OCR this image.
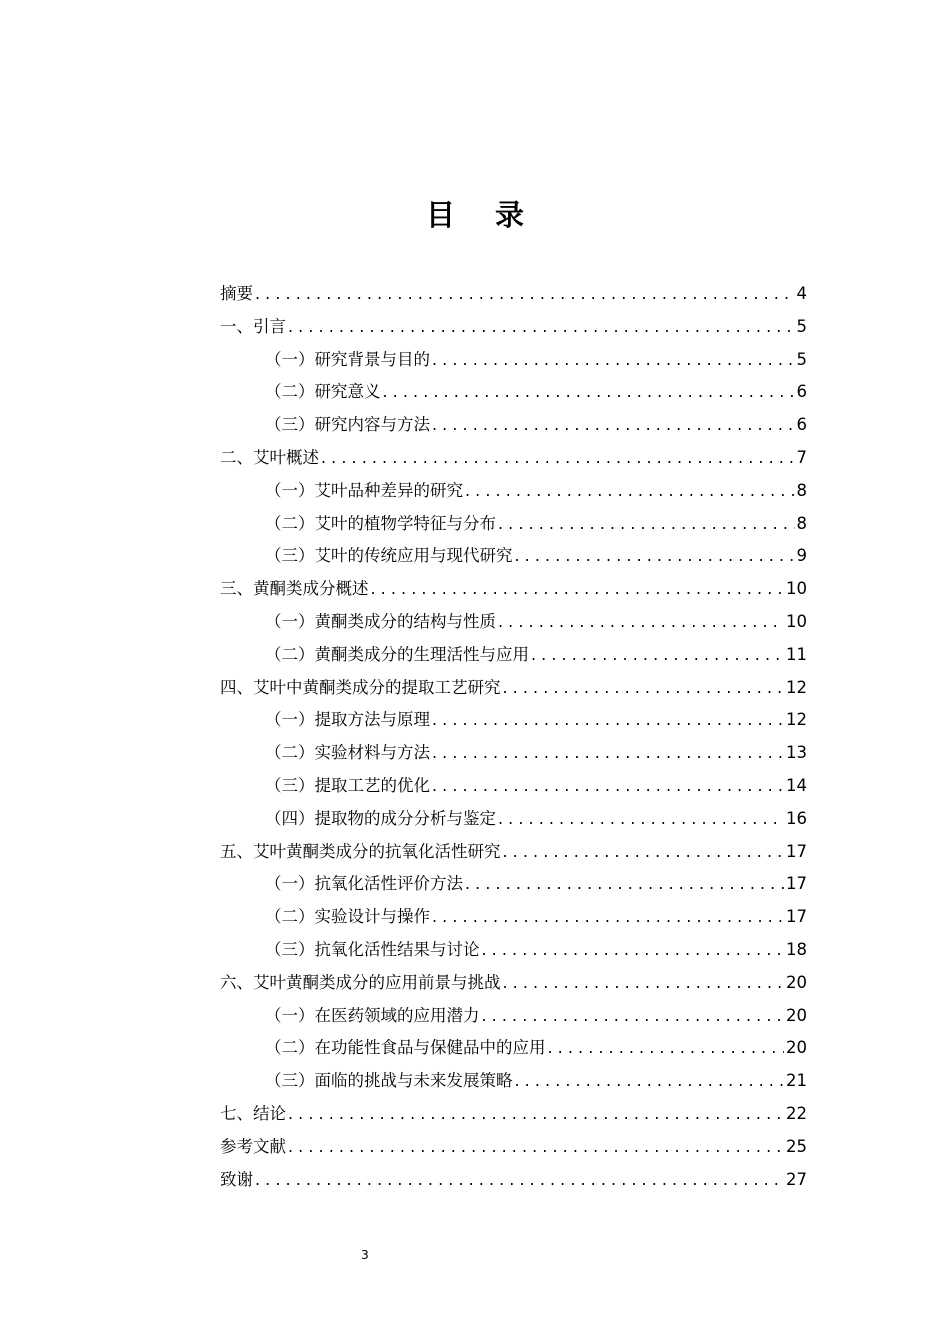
目 录
摘要 . . .	4
一、引言 . . .	5
（一）研究背景与目的 . . .	5
（二）研究意义 . . .	6
（三）研究内容与方法 . . .	6
二、艾叶概述 . . .	7
（一）艾叶品种差异的研究 . . .	8
（二）艾叶的植物学特征与分布 . . .	8
（三）艾叶的传统应用与现代研究 . . .	9
三、黄酮类成分概述 . . .	10
（一）黄酮类成分的结构与性质 . . .	10
（二）黄酮类成分的生理活性与应用 . . .	11
四、艾叶中黄酮类成分的提取工艺研究 . . .	12
（一）提取方法与原理 . . .	12
（二）实验材料与方法 . . .	13
（三）提取工艺的优化 . . .	14
（四）提取物的成分分析与鉴定 . . .	16
五、艾叶黄酮类成分的抗氧化活性研究 . . .	17
（一）抗氧化活性评价方法 . . .	17
（二）实验设计与操作 . . .	17
（三）抗氧化活性结果与讨论 . . .	18
六、艾叶黄酮类成分的应用前景与挑战 . . .	20
（一）在医药领域的应用潜力 . . .	20
（二）在功能性食品与保健品中的应用 . . .	20
（三）面临的挑战与未来发展策略 . . .	21
七、结论 . . .	22
参考文献 . . .	25
致谢 . . .	27
3
